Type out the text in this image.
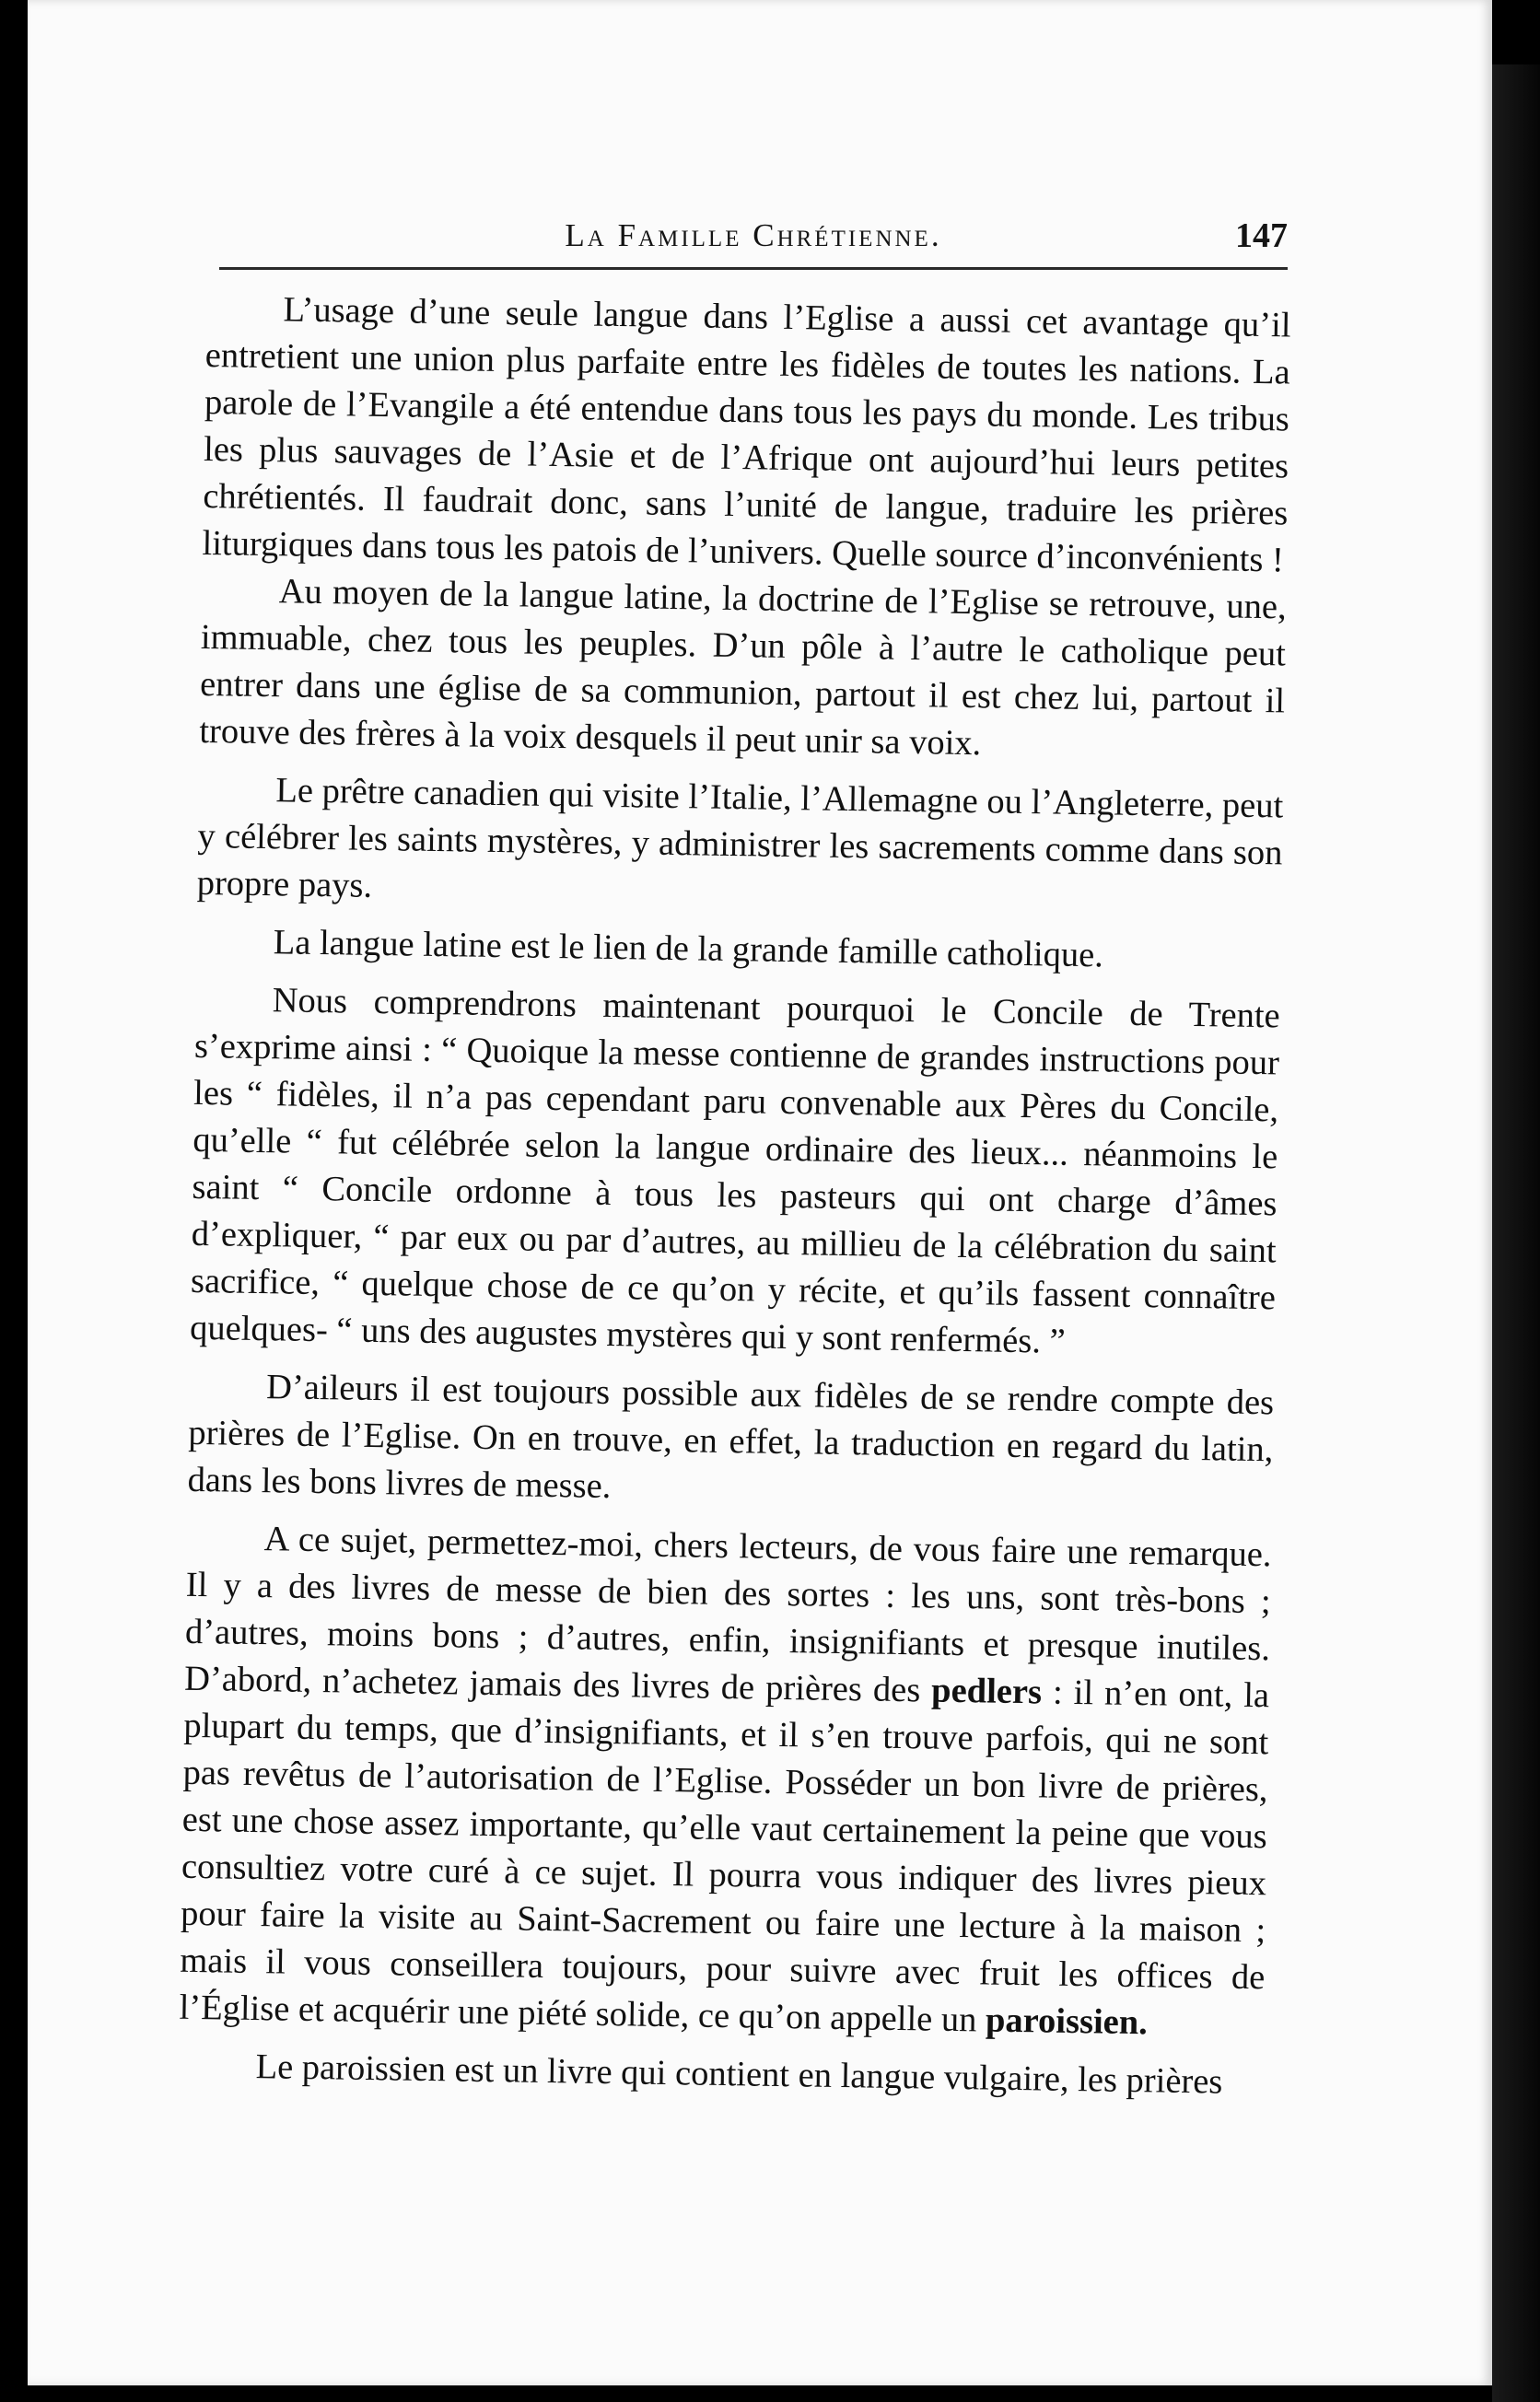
La Famille Chrétienne.	147

L’usage d’une seule langue dans l’Eglise a aussi cet avantage qu’il entretient une union plus parfaite entre les fidèles de toutes les nations. La parole de l’Evangile a été entendue dans tous les pays du monde. Les tribus les plus sauvages de l’Asie et de l’Afrique ont aujourd’hui leurs petites chrétientés. Il faudrait donc, sans l’unité de langue, traduire les prières liturgiques dans tous les patois de l’univers. Quelle source d’inconvénients !

Au moyen de la langue latine, la doctrine de l’Eglise se retrouve, une, immuable, chez tous les peuples. D’un pôle à l’autre le catholique peut entrer dans une église de sa communion, partout il est chez lui, partout il trouve des frères à la voix desquels il peut unir sa voix.

Le prêtre canadien qui visite l’Italie, l’Allemagne ou l’Angleterre, peut y célébrer les saints mystères, y administrer les sacrements comme dans son propre pays.

La langue latine est le lien de la grande famille catholique.

Nous comprendrons maintenant pourquoi le Concile de Trente s’exprime ainsi : “ Quoique la messe contienne de grandes instructions pour les “ fidèles, il n’a pas cependant paru convenable aux Pères du Concile, qu’elle “ fut célébrée selon la langue ordinaire des lieux... néanmoins le saint “ Concile ordonne à tous les pasteurs qui ont charge d’âmes d’expliquer, “ par eux ou par d’autres, au millieu de la célébration du saint sacrifice, “ quelque chose de ce qu’on y récite, et qu’ils fassent connaître quelques- “ uns des augustes mystères qui y sont renfermés. ”

D’aileurs il est toujours possible aux fidèles de se rendre compte des prières de l’Eglise. On en trouve, en effet, la traduction en regard du latin, dans les bons livres de messe.

A ce sujet, permettez-moi, chers lecteurs, de vous faire une remarque. Il y a des livres de messe de bien des sortes : les uns, sont très-bons ; d’autres, moins bons ; d’autres, enfin, insignifiants et presque inutiles. D’abord, n’achetez jamais des livres de prières des pedlers : il n’en ont, la plupart du temps, que d’insignifiants, et il s’en trouve parfois, qui ne sont pas revêtus de l’autorisation de l’Eglise. Posséder un bon livre de prières, est une chose assez importante, qu’elle vaut certainement la peine que vous consultiez votre curé à ce sujet. Il pourra vous indiquer des livres pieux pour faire la visite au Saint-Sacrement ou faire une lecture à la maison ; mais il vous conseillera toujours, pour suivre avec fruit les offices de l’Église et acquérir une piété solide, ce qu’on appelle un paroissien.

Le paroissien est un livre qui contient en langue vulgaire, les prières
